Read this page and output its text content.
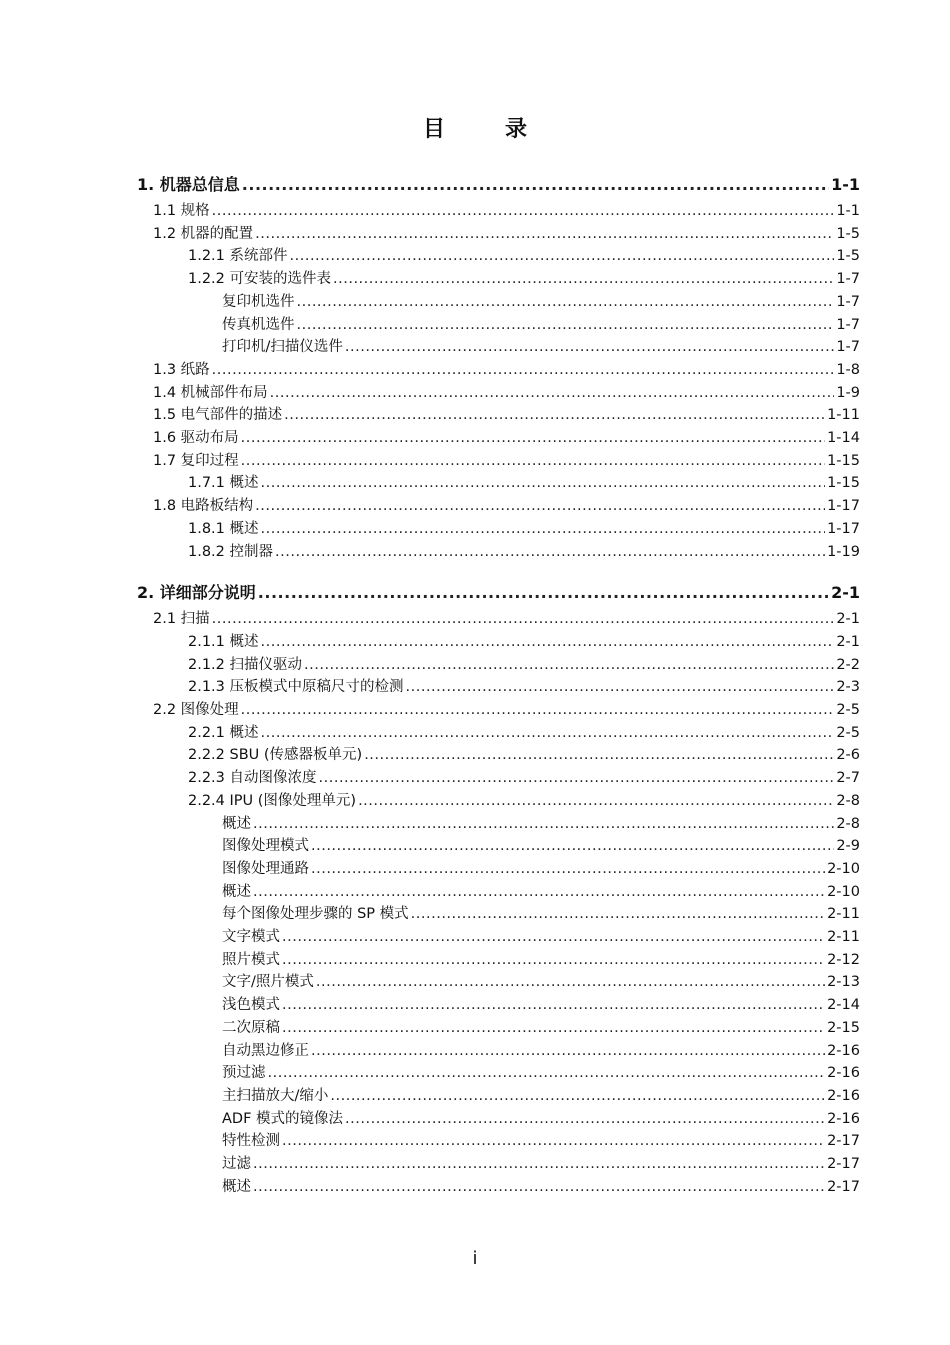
目	录
1. 机器总信息 .....	1-1
1.1 规格 .....	1-1
1.2 机器的配置 .....	1-5
1.2.1 系统部件 .....	1-5
1.2.2 可安装的选件表 .....	1-7
复印机选件 .....	1-7
传真机选件 .....	1-7
打印机/扫描仪选件 .....	1-7
1.3 纸路 .....	1-8
1.4 机械部件布局 .....	1-9
1.5 电气部件的描述 .....	1-11
1.6 驱动布局 .....	1-14
1.7 复印过程 .....	1-15
1.7.1 概述 .....	1-15
1.8 电路板结构 .....	1-17
1.8.1 概述 .....	1-17
1.8.2 控制器 .....	1-19
2. 详细部分说明 .....	2-1
2.1 扫描 .....	2-1
2.1.1 概述 .....	2-1
2.1.2 扫描仪驱动 .....	2-2
2.1.3 压板模式中原稿尺寸的检测 .....	2-3
2.2 图像处理 .....	2-5
2.2.1 概述 .....	2-5
2.2.2 SBU (传感器板单元) .....	2-6
2.2.3 自动图像浓度 .....	2-7
2.2.4 IPU (图像处理单元) .....	2-8
概述 .....	2-8
图像处理模式 .....	2-9
图像处理通路 .....	2-10
概述 .....	2-10
每个图像处理步骤的 SP 模式 .....	2-11
文字模式 .....	2-11
照片模式 .....	2-12
文字/照片模式 .....	2-13
浅色模式 .....	2-14
二次原稿 .....	2-15
自动黑边修正 .....	2-16
预过滤 .....	2-16
主扫描放大/缩小 .....	2-16
ADF 模式的镜像法 .....	2-16
特性检测 .....	2-17
过滤 .....	2-17
概述 .....	2-17
i
